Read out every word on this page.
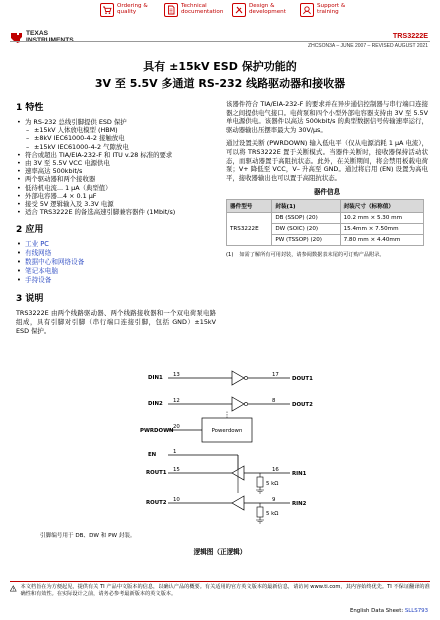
Ordering &
quality
Technical
documentation
Design &
development
Support &
training
TEXAS	TRS3222E
ZHCSON3A – JUNE 2007 – REVISED AUGUST 2021
具有 ±15kV ESD 保护功能的
3V 至 5.5V 多通道 RS-232 线路驱动器和接收器
1 特性
• 为 RS-232 总线引脚提供 ESD 保护
– ±15kV 人体放电模型 (HBM)
– ±8kV IEC61000-4-2 接触放电
– ±15kV IEC61000-4-2 气隙放电
• 符合或超出 TIA/EIA-232-F 和 ITU v.28 标准的要求
• 由 3V 至 5.5V VCC 电源供电
• 速率高达 500kbit/s
• 两个驱动器和两个接收器
• 低待机电流... 1 μA（典型值）
• 外部电容器...4 × 0.1 μF
• 接受 5V 逻辑输入及 3.3V 电源
• 适合 TRS3222E 的备选高速引脚兼容器件 (1Mbit/s)
2 应用
• 工业 PC
• 有线网络
• 数据中心和网络设备
• 笔记本电脑
• 手持设备
3 说明
TRS3222E 由两个线路驱动器、两个线路接收器和一个双电荷泵电路组成，具有引脚对引脚（串行端口连接引脚，包括 GND）±15kV ESD 保护。
该器件符合 TIA/EIA-232-F 的要求并在异步通信控制器与串行端口连接器之间提供电气接口。电荷泵和四个小型外部电容器支持由 3V 至 5.5V 单电源供电。该器件以高达 500kbit/s 的典型数据信号传输速率运行，驱动器输出压摆率最大为 30V/μs。
通过设置关断 (PWRDOWN) 输入低电平（仅从电源消耗 1 μA 电流），可以将 TRS3222E 置于关断模式。当器件关断时，接收器保持活动状态，而驱动器置于高阻抗状态。此外，在关断期间，将会禁用板载电荷泵；V+ 降低至 VCC，V– 升高至 GND。通过将启用 (EN) 设置为高电平，接收器输出也可以置于高阻抗状态。
器件信息
器件型号	封装(1)	封装尺寸（标称值）
TRS3222E	DB (SSOP) (20)	10.2 mm × 5.30 mm
	DW (SOIC) (20)	15.4mm × 7.50mm
	PW (TSSOP) (20)	7.80 mm × 4.40mm
(1) 如需了解所有可用封装，请参阅数据表末尾的可订购产品附录。
DIN1 13	17
DOUT1
DIN2 12	8
DOUT2
PWRDOWN
20
Powerdown
EN	1
ROUT1 15	16
RIN1
5 kΩ
ROUT2 10	9
RIN2
5 kΩ
引脚编号用于 DB、DW 和 PW 封装。
逻辑图（正逻辑）
本文档旨在为方便起见，提供有关 TI 产品中文版本的信息，以确认产品的概要。有关适用的官方英文版本的最新信息，请访问 www.ti.com，其内容始终优先。TI 不保证翻译的准确性和有效性。在实际设计之前，请务必参考最新版本的英文版本。
English Data Sheet: SLLS793
